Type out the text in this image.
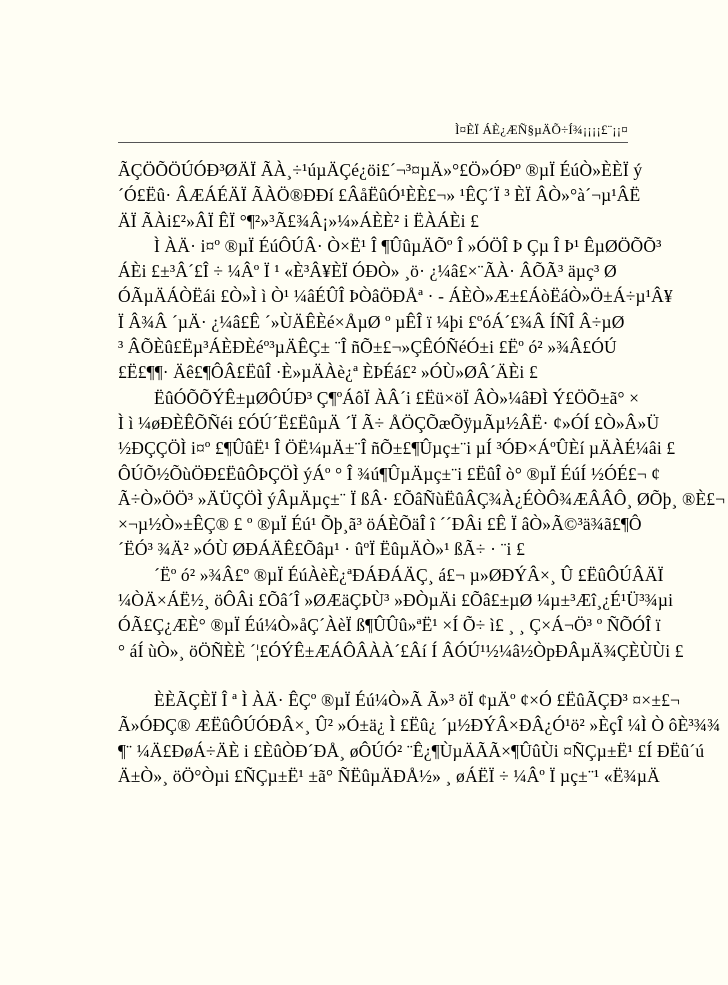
Ì¤ÈÏ ÁÈ¿ÆÑ§µÄÕ÷Í¾¡¡¡¡£¨¡¡¤
ÃÇÖÕÖÚÓÐ³ØÄÏ ÃÀ¸÷¹úµÄÇé¿öi£´¬³¤µÄ»°£Ö»ÓÐº ®µÏ ÉúÒ»ÈÈÏ ý
´Ó£Ëû· ÂÆÁÉÄÏ ÃÀÖ®ÐÐí £ÂåËûÓ¹ÈÈ£¬» ¹ÊÇ´Ï ³ ÈÏ ÂÒ»°à´¬µ¹ÂË
ÄÏ ÃÀi£²»ÂÏ ÊÏ °¶²»³Ã£¾Â¡»¼»ÁÈÈ² i ËÀÁÈi £
Ì ÀÄ· i¤º ®µÏ ÉúÔÚÂ· Ò×Ë¹ Î ¶ÛûµÄÕº Î »ÓÖÎ Þ Çµ Î Þ¹ ÊµØÖÕÕ³
ÁÈi £±³Â´£Î ÷ ¼Âº Ï ¹ «È³Â¥ÈÏ ÓÐÒ» ¸ö· ¿¼â£×¨ÃÀ· ÂÕÃ³ äµç³ Ø
ÓÃµÄÁÒËái £Ò»Ì ì Ò¹ ¼âÉÛÎ ÞÒâÖÐÅª · - ÁÈÒ»Æ±£ÁòËáÒ»Ö±Á÷µ¹Â¥
Ï Â¾Â ´µÄ· ¿¼â£Ê ´»ÙÄÊÈé×ÅµØ º µÊÎ ï ¼þi £ºóÁ´£¾Â ÍÑÎ Â÷µØ
³ ÂÕÈû£Ëµ³ÁÈÐÈéº³µÄÊÇ± ¨Î ñÕ±£¬»ÇÊÓÑéÓ±i £Ëº ó² »¾Â£ÓÚ
£Ë£¶¶· Äê£¶ÔÂ£ËûÎ ·È»µÄÀè¿ª ÈÞÉá£² »ÓÙ»ØÂ´ÄÈi £
ËûÓÕÕÝÊ±µØÔÚÐ³ Ç¶ºÁôÏ ÀÂ´i £Ëü×öÏ ÂÒ»¼âÐÌ Ý£ÖÕ±ã° ×
Ì ì ¼øÐÈÊÕÑéi £ÓÚ´Ë£ËûµÄ ´Ï Ã÷ ÅÖÇÕæÕÿµÃµ½ÂË· ¢»ÓÍ £Ò»Â»Ü
½ÐÇÇÖÌ i¤º £¶ÛûË¹ Î ÖË¼µÄ±¨Î ñÕ±£¶Ûµç±¨i µÍ ³ÓÐ×ÁºÛÈí µÄÀÉ¼âi £
ÔÚÕ½ÕùÖÐ£ËûÔÞÇÖÌ ýÁº ° Î ¾ú¶ÛµÄµç±¨i £ËûÎ ò° ®µÏ ÉúÍ ½ÓÉ£¬ ¢
Ã÷Ò»ÖÖ³ »ÄÜÇÖÌ ýÂµÄµç±¨ Ï ßÂ· £ÕâÑùËûÂÇ¾À¿ÉÒÔ¾ÆÂÂÔ¸ ØÕþ¸ ®È£¬
×¬µ½Ò»±ÊÇ® £ º ®µÏ Éú¹ Õþ¸ã³ öÁÈÕäÎ î ´´ÐÂi £Ê Ï âÒ»Ã©³ä¾ã£¶Ô
´ËÓ³ ¾Ä² »ÓÙ ØÐÁÄÊ£Õâµ¹ · ûºÏ ËûµÄÒ»¹ ßÃ÷ · ¨i £
´Ëº ó² »¾Â£º ®µÏ ÉúÀèÈ¿ªÐÁÐÁÄÇ¸ á£¬ µ»ØÐÝÂ×¸ Û £ËûÔÚÂÄÏ
¼ÒÄ×ÁË½¸ öÔÂi £Õâ´Î »ØÆäÇÞÙ³ »ÐÒµÄi £Õâ£±µØ ¼µ±³Æî¸¿É¹Ü³¾µi
ÓÃ£Ç¿ÆÈ° ®µÏ Éú¼Ò»åÇ´ÀèÏ ß¶ÛÛû»ªË¹ ×Í Õ÷ ì£ ¸ ¸ Ç×Á¬Ö³ º ÑÕÓÎ ï
° áÍ ùÒ»¸ öÖÑÈÈ ´¦£ÓÝÊ±ÆÁÔÂÀÀ´£Âí Í ÂÓÚ¹½¼â½ÒpÐÂµÄ¾ÇÈÙÙi £
ÈÈÃÇÈÏ Î ª Ì ÀÄ· ÊÇº ®µÏ Éú¼Ò»Ã Ã»³ öÏ ¢µÄº ¢×Ó £ËûÃÇÐ³ ¤×±£¬
Ã»ÓÐÇ® ÆËûÔÚÓÐÂ×¸ Û² »Ó±ä¿ Ì £Ëû¿ ´µ½ÐÝÂ×ÐÂ¿Ó¹ö² »ÈçÎ ¼Ì Ò ôÈ³¾¾
¶¨ ¼Ä£ÐøÁ÷ÄÈ i £ÈûÒÐ´ÐÅ¸ øÔÚÓ² ¨Ê¿¶ÙµÄÃÃ×¶ÛûÙi ¤ÑÇµ±Ë¹ £Í ÐËû´ú
Ä±Ò»¸ öÖ°Òµi £ÑÇµ±Ë¹ ±ã° ÑËûµÄÐÅ½» ¸ øÁËÏ ÷ ¼Âº Ï µç±¨¹ «Ë¾µÄ
